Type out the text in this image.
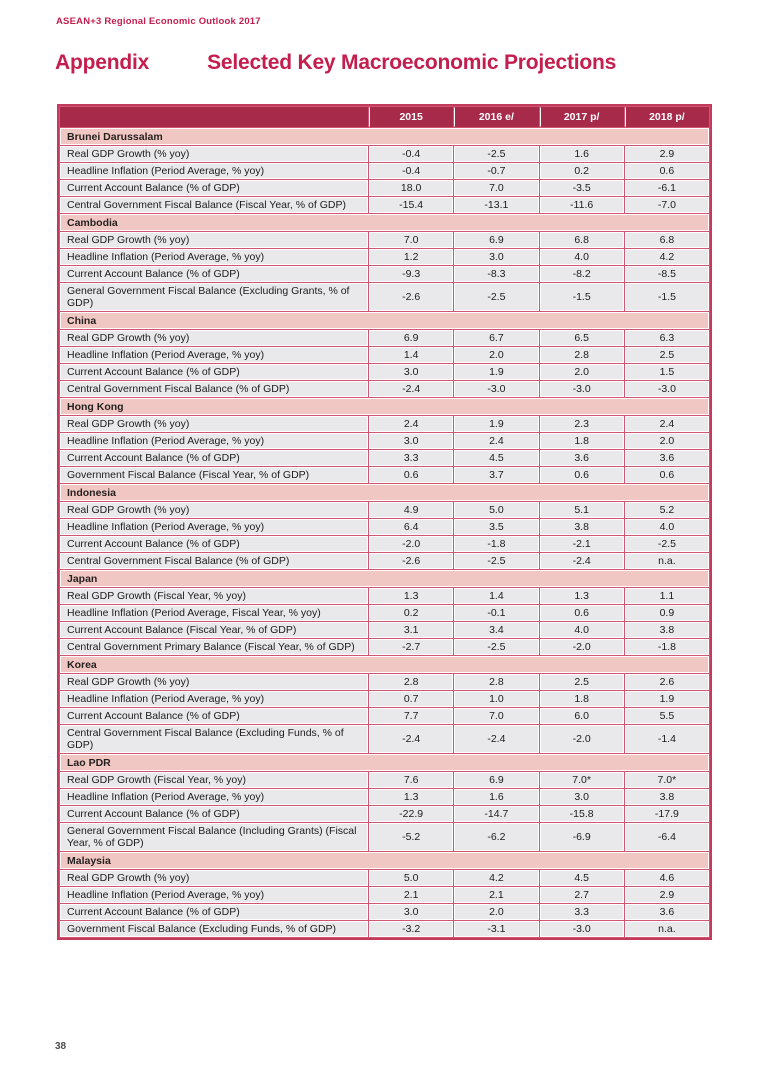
ASEAN+3 Regional Economic Outlook 2017
Appendix	Selected Key Macroeconomic Projections
	2015	2016 e/	2017 p/	2018 p/
Brunei Darussalam				
Real GDP Growth (% yoy)	-0.4	-2.5	1.6	2.9
Headline Inflation (Period Average, % yoy)	-0.4	-0.7	0.2	0.6
Current Account Balance (% of GDP)	18.0	7.0	-3.5	-6.1
Central Government Fiscal Balance (Fiscal Year, % of GDP)	-15.4	-13.1	-11.6	-7.0
Cambodia				
Real GDP Growth (% yoy)	7.0	6.9	6.8	6.8
Headline Inflation (Period Average, % yoy)	1.2	3.0	4.0	4.2
Current Account Balance (% of GDP)	-9.3	-8.3	-8.2	-8.5
General Government Fiscal Balance (Excluding Grants, % of GDP)	-2.6	-2.5	-1.5	-1.5
China				
Real GDP Growth (% yoy)	6.9	6.7	6.5	6.3
Headline Inflation (Period Average, % yoy)	1.4	2.0	2.8	2.5
Current Account Balance (% of GDP)	3.0	1.9	2.0	1.5
Central Government Fiscal Balance (% of GDP)	-2.4	-3.0	-3.0	-3.0
Hong Kong				
Real GDP Growth (% yoy)	2.4	1.9	2.3	2.4
Headline Inflation (Period Average, % yoy)	3.0	2.4	1.8	2.0
Current Account Balance (% of GDP)	3.3	4.5	3.6	3.6
Government Fiscal Balance (Fiscal Year, % of GDP)	0.6	3.7	0.6	0.6
Indonesia				
Real GDP Growth (% yoy)	4.9	5.0	5.1	5.2
Headline Inflation (Period Average, % yoy)	6.4	3.5	3.8	4.0
Current Account Balance (% of GDP)	-2.0	-1.8	-2.1	-2.5
Central Government Fiscal Balance (% of GDP)	-2.6	-2.5	-2.4	n.a.
Japan				
Real GDP Growth (Fiscal Year, % yoy)	1.3	1.4	1.3	1.1
Headline Inflation (Period Average, Fiscal Year, % yoy)	0.2	-0.1	0.6	0.9
Current Account Balance (Fiscal Year, % of GDP)	3.1	3.4	4.0	3.8
Central Government Primary Balance (Fiscal Year, % of GDP)	-2.7	-2.5	-2.0	-1.8
Korea				
Real GDP Growth (% yoy)	2.8	2.8	2.5	2.6
Headline Inflation (Period Average, % yoy)	0.7	1.0	1.8	1.9
Current Account Balance (% of GDP)	7.7	7.0	6.0	5.5
Central Government Fiscal Balance (Excluding Funds, % of GDP)	-2.4	-2.4	-2.0	-1.4
Lao PDR				
Real GDP Growth (Fiscal Year, % yoy)	7.6	6.9	7.0*	7.0*
Headline Inflation (Period Average, % yoy)	1.3	1.6	3.0	3.8
Current Account Balance (% of GDP)	-22.9	-14.7	-15.8	-17.9
General Government Fiscal Balance (Including Grants) (Fiscal Year, % of GDP)	-5.2	-6.2	-6.9	-6.4
Malaysia				
Real GDP Growth (% yoy)	5.0	4.2	4.5	4.6
Headline Inflation (Period Average, % yoy)	2.1	2.1	2.7	2.9
Current Account Balance (% of GDP)	3.0	2.0	3.3	3.6
Government Fiscal Balance (Excluding Funds, % of GDP)	-3.2	-3.1	-3.0	n.a.
38
